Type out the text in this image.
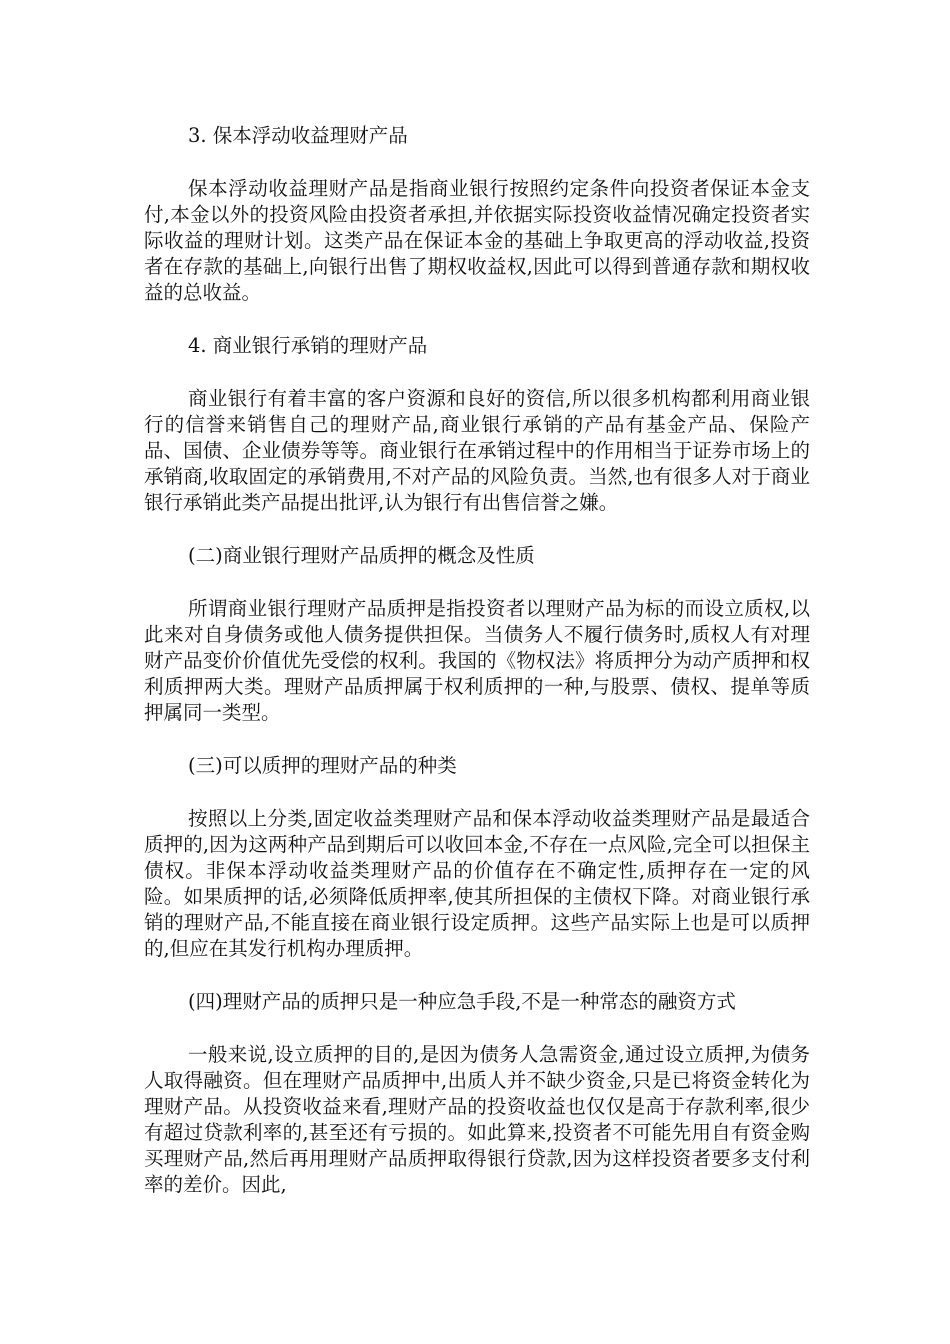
3. 保本浮动收益理财产品

保本浮动收益理财产品是指商业银行按照约定条件向投资者保证本金支付,本金以外的投资风险由投资者承担,并依据实际投资收益情况确定投资者实际收益的理财计划。这类产品在保证本金的基础上争取更高的浮动收益,投资者在存款的基础上,向银行出售了期权收益权,因此可以得到普通存款和期权收益的总收益。

4. 商业银行承销的理财产品

商业银行有着丰富的客户资源和良好的资信,所以很多机构都利用商业银行的信誉来销售自己的理财产品,商业银行承销的产品有基金产品、保险产品、国债、企业债券等等。商业银行在承销过程中的作用相当于证券市场上的承销商,收取固定的承销费用,不对产品的风险负责。当然,也有很多人对于商业银行承销此类产品提出批评,认为银行有出售信誉之嫌。

(二)商业银行理财产品质押的概念及性质

所谓商业银行理财产品质押是指投资者以理财产品为标的而设立质权,以此来对自身债务或他人债务提供担保。当债务人不履行债务时,质权人有对理财产品变价价值优先受偿的权利。我国的《物权法》将质押分为动产质押和权利质押两大类。理财产品质押属于权利质押的一种,与股票、债权、提单等质押属同一类型。

(三)可以质押的理财产品的种类

按照以上分类,固定收益类理财产品和保本浮动收益类理财产品是最适合质押的,因为这两种产品到期后可以收回本金,不存在一点风险,完全可以担保主债权。非保本浮动收益类理财产品的价值存在不确定性,质押存在一定的风险。如果质押的话,必须降低质押率,使其所担保的主债权下降。对商业银行承销的理财产品,不能直接在商业银行设定质押。这些产品实际上也是可以质押的,但应在其发行机构办理质押。

(四)理财产品的质押只是一种应急手段,不是一种常态的融资方式

一般来说,设立质押的目的,是因为债务人急需资金,通过设立质押,为债务人取得融资。但在理财产品质押中,出质人并不缺少资金,只是已将资金转化为理财产品。从投资收益来看,理财产品的投资收益也仅仅是高于存款利率,很少有超过贷款利率的,甚至还有亏损的。如此算来,投资者不可能先用自有资金购买理财产品,然后再用理财产品质押取得银行贷款,因为这样投资者要多支付利率的差价。因此,
